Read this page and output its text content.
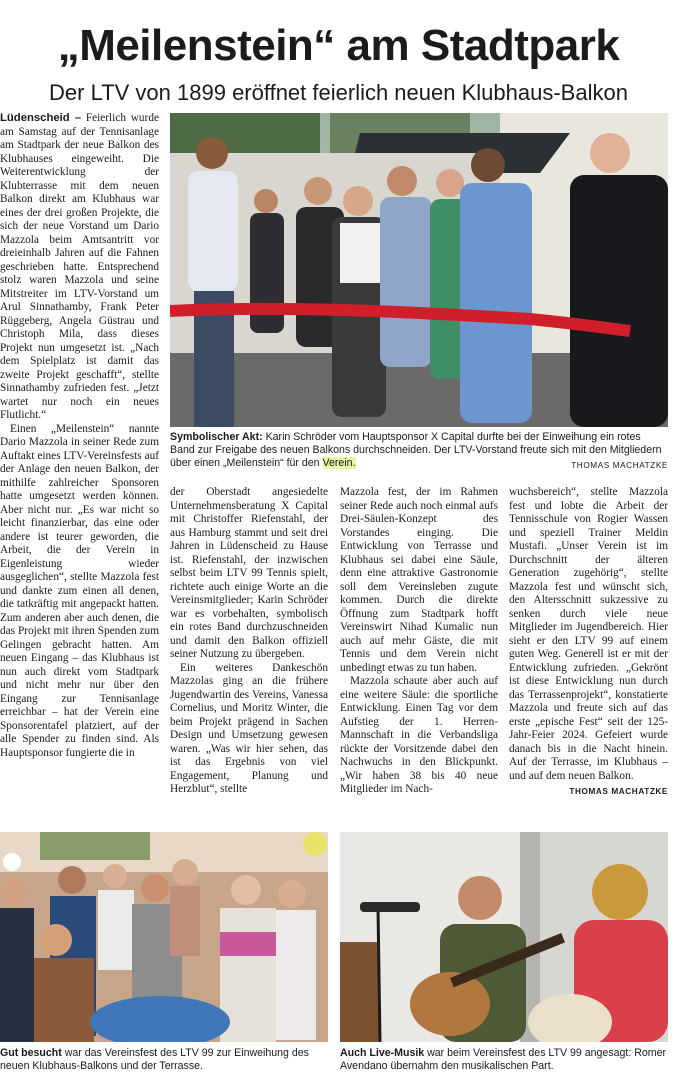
„Meilenstein“ am Stadtpark
Der LTV von 1899 eröffnet feierlich neuen Klubhaus-Balkon

Lüdenscheid – Feierlich wurde am Samstag auf der Tennisanlage am Stadtpark der neue Balkon des Klubhauses eingeweiht. Die Weiterentwicklung der Klubterrasse mit dem neuen Balkon direkt am Klubhaus war eines der drei großen Projekte, die sich der neue Vorstand um Dario Mazzola beim Amtsantritt vor dreieinhalb Jahren auf die Fahnen geschrieben hatte. Entsprechend stolz waren Mazzola und seine Mitstreiter im LTV-Vorstand um Arul Sinnathamby, Frank Peter Rüggeberg, Angela Güstrau und Christoph Mila, dass dieses Projekt nun umgesetzt ist. „Nach dem Spielplatz ist damit das zweite Projekt geschafft“, stellte Sinnathamby zufrieden fest. „Jetzt wartet nur noch ein neues Flutlicht.“

Einen „Meilenstein“ nannte Dario Mazzola in seiner Rede zum Auftakt eines LTV-Vereinsfests auf der Anlage den neuen Balkon, der mithilfe zahlreicher Sponsoren hatte umgesetzt werden können. Aber nicht nur. „Es war nicht so leicht finanzierbar, das eine oder andere ist teurer geworden, die Arbeit, die der Verein in Eigenleistung wieder ausgeglichen“, stellte Mazzola fest und dankte zum einen all denen, die tatkräftig mit angepackt hatten. Zum anderen aber auch denen, die das Projekt mit ihren Spenden zum Gelingen gebracht hatten. Am neuen Eingang – das Klubhaus ist nun auch direkt vom Stadtpark und nicht mehr nur über den Eingang zur Tennisanlage erreichbar – hat der Verein eine Sponsorentafel platziert, auf der alle Spender zu finden sind. Als Hauptsponsor fungierte die in

Symbolischer Akt: Karin Schröder vom Hauptsponsor X Capital durfte bei der Einweihung ein rotes Band zur Freigabe des neuen Balkons durchschneiden. Der LTV-Vorstand freute sich mit den Mitgliedern über einen „Meilenstein“ für den Verein.	THOMAS MACHATZKE

der Oberstadt angesiedelte Unternehmensberatung X Capital mit Christoffer Riefenstahl, der aus Hamburg stammt und seit drei Jahren in Lüdenscheid zu Hause ist. Riefenstahl, der inzwischen selbst beim LTV 99 Tennis spielt, richtete auch einige Worte an die Vereinsmitglieder; Karin Schröder war es vorbehalten, symbolisch ein rotes Band durchzuschneiden und damit den Balkon offiziell seiner Nutzung zu übergeben.

Ein weiteres Dankeschön Mazzolas ging an die frühere Jugendwartin des Vereins, Vanessa Cornelius, und Moritz Winter, die beim Projekt prägend in Sachen Design und Umsetzung gewesen waren. „Was wir hier sehen, das ist das Ergebnis von viel Engagement, Planung und Herzblut“, stellte

Mazzola fest, der im Rahmen seiner Rede auch noch einmal aufs Drei-Säulen-Konzept des Vorstandes einging. Die Entwicklung von Terrasse und Klubhaus sei dabei eine Säule, denn eine attraktive Gastronomie soll dem Vereinsleben zugute kommen. Durch die direkte Öffnung zum Stadtpark hofft Vereinswirt Nihad Kumalic nun auch auf mehr Gäste, die mit Tennis und dem Verein nicht unbedingt etwas zu tun haben.

Mazzola schaute aber auch auf eine weitere Säule: die sportliche Entwicklung. Einen Tag vor dem Aufstieg der 1. Herren-Mannschaft in die Verbandsliga rückte der Vorsitzende dabei den Nachwuchs in den Blickpunkt. „Wir haben 38 bis 40 neue Mitglieder im Nach-

wuchsbereich“, stellte Mazzola fest und lobte die Arbeit der Tennisschule von Rogier Wassen und speziell Trainer Meldin Mustafi. „Unser Verein ist im Durchschnitt der älteren Generation zugehörig“, stellte Mazzola fest und wünscht sich, den Altersschnitt sukzessive zu senken durch viele neue Mitglieder im Jugendbereich. Hier sieht er den LTV 99 auf einem guten Weg. Generell ist er mit der Entwicklung zufrieden. „Gekrönt ist diese Entwicklung nun durch das Terrassenprojekt“, konstatierte Mazzola und freute sich auf das erste „epische Fest“ seit der 125-Jahr-Feier 2024. Gefeiert wurde danach bis in die Nacht hinein. Auf der Terrasse, im Klubhaus – und auf dem neuen Balkon.

THOMAS MACHATZKE

Gut besucht war das Vereinsfest des LTV 99 zur Einweihung des neuen Klubhaus-Balkons und der Terrasse.
Auch Live-Musik war beim Vereinsfest des LTV 99 angesagt: Romer Avendano übernahm den musikalischen Part.
